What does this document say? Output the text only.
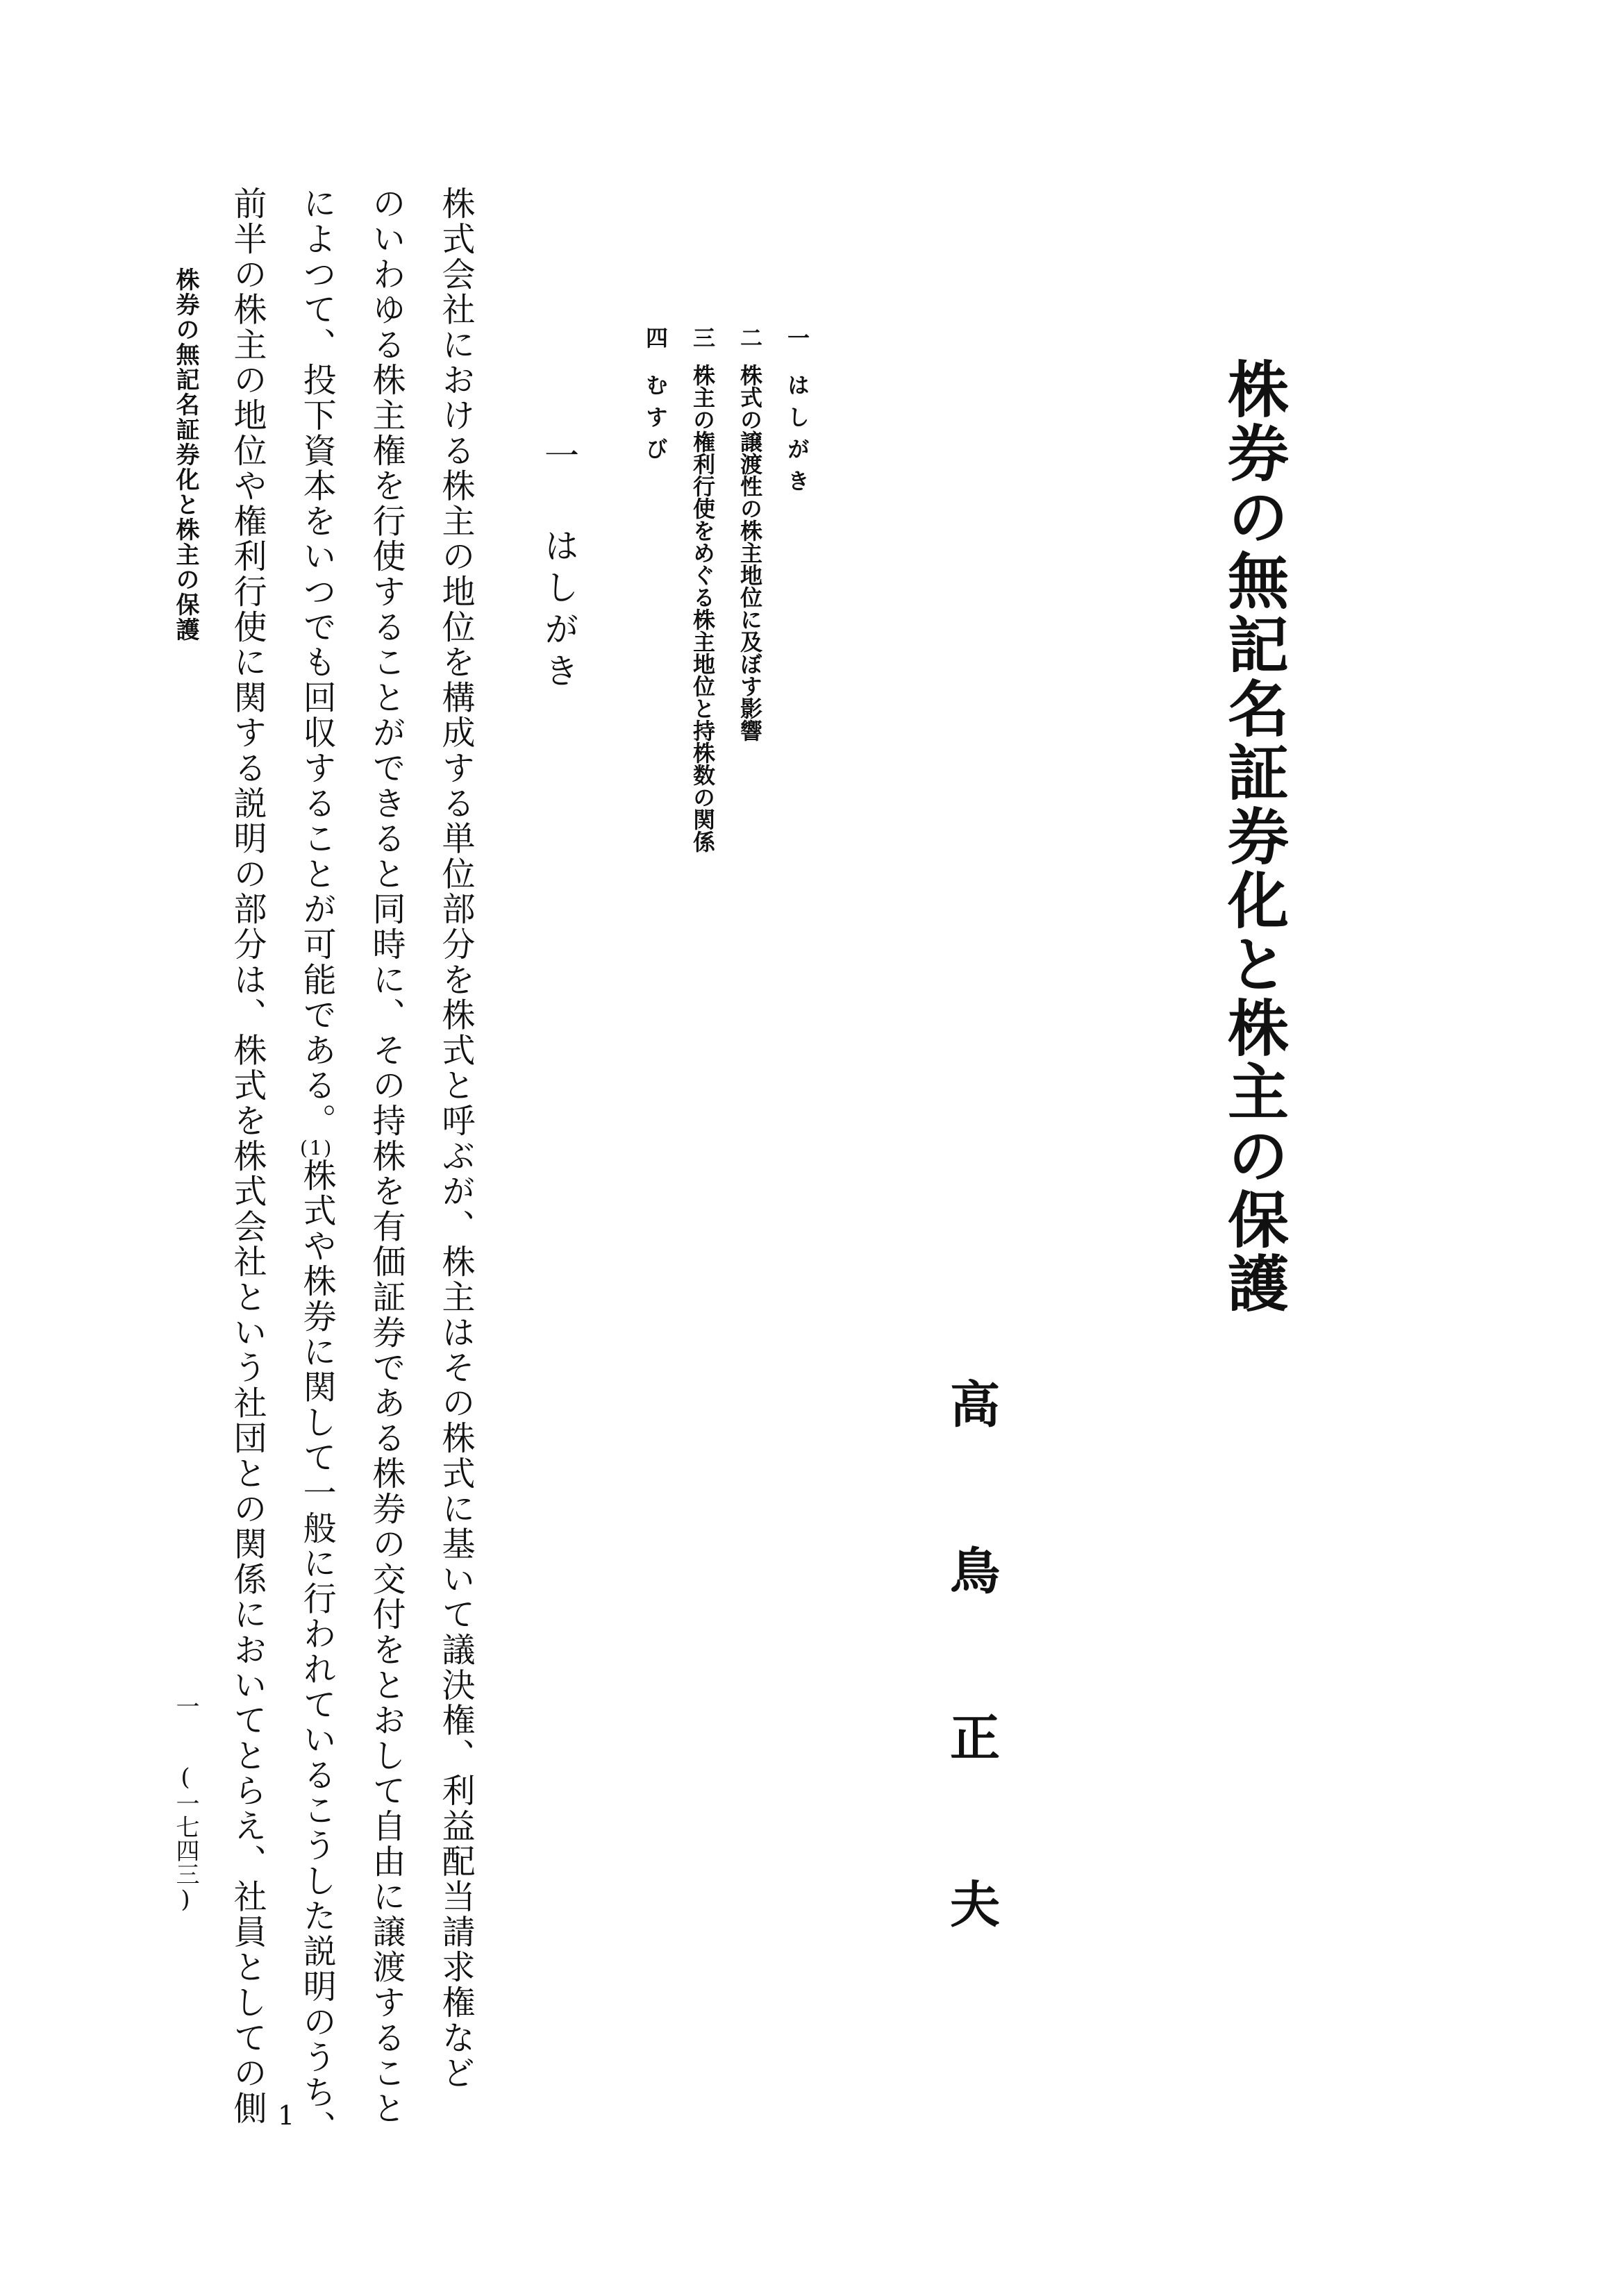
株券の無記名証券化と株主の保護
高鳥正夫
一はしがき
二株式の譲渡性の株主地位に及ぼす影響
三株主の権利行使をめぐる株主地位と持株数の関係
四むすび
一はしがき
株式会社における株主の地位を構成する単位部分を株式と呼ぶが、株主はその株式に基いて議決権、利益配当請求権など
のいわゆる株主権を行使することができると同時に、その持株を有価証券である株券の交付をとおして自由に譲渡すること
によつて、投下資本をいつでも回収することが可能である。(1)株式や株券に関して一般に行われているこうした説明のうち、
前半の株主の地位や権利行使に関する説明の部分は、株式を株式会社という社団との関係においてとらえ、社員としての側
株券の無記名証券化と株主の保護
一
(一七四三)
1
